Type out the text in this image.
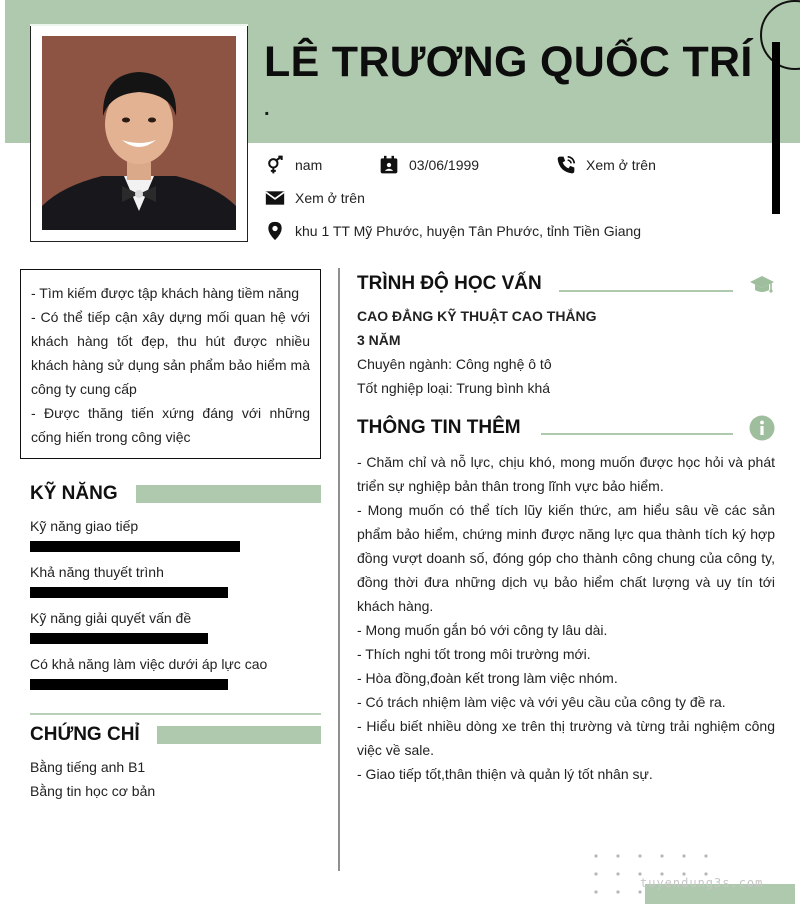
LÊ TRƯƠNG QUỐC TRÍ
.
nam	03/06/1999	Xem ở trên
Xem ở trên
khu 1 TT Mỹ Phước, huyện Tân Phước, tỉnh Tiền Giang

- Tìm kiếm được tập khách hàng tiềm năng

- Có thể tiếp cận xây dựng mối quan hệ với khách hàng tốt đẹp, thu hút được nhiều khách hàng sử dụng sản phẩm bảo hiểm mà công ty cung cấp

- Được thăng tiến xứng đáng với những cống hiến trong công việc

KỸ NĂNG
Kỹ năng giao tiếp
Khả năng thuyết trình
Kỹ năng giải quyết vấn đề
Có khả năng làm việc dưới áp lực cao
CHỨNG CHỈ
Bằng tiếng anh B1
Bằng tin học cơ bản
TRÌNH ĐỘ HỌC VẤN
CAO ĐẲNG KỸ THUẬT CAO THẮNG
3 NĂM
Chuyên ngành: Công nghệ ô tô
Tốt nghiệp loại: Trung bình khá
THÔNG TIN THÊM

- Chăm chỉ và nỗ lực, chịu khó, mong muốn được học hỏi và phát triển sự nghiệp bản thân trong lĩnh vực bảo hiểm.

- Mong muốn có thể tích lũy kiến thức, am hiểu sâu về các sản phẩm bảo hiểm, chứng minh được năng lực qua thành tích ký hợp đồng vượt doanh số, đóng góp cho thành công chung của công ty, đồng thời đưa những dịch vụ bảo hiểm chất lượng và uy tín tới khách hàng.

- Mong muốn gắn bó với công ty lâu dài.

- Thích nghi tốt trong môi trường mới.

- Hòa đồng,đoàn kết trong làm việc nhóm.

- Có trách nhiệm làm việc và với yêu cầu của công ty đề ra.

- Hiểu biết nhiều dòng xe trên thị trường và từng trải nghiệm công việc về sale.

- Giao tiếp tốt,thân thiện và quản lý tốt nhân sự.

tuyendung3s.com
